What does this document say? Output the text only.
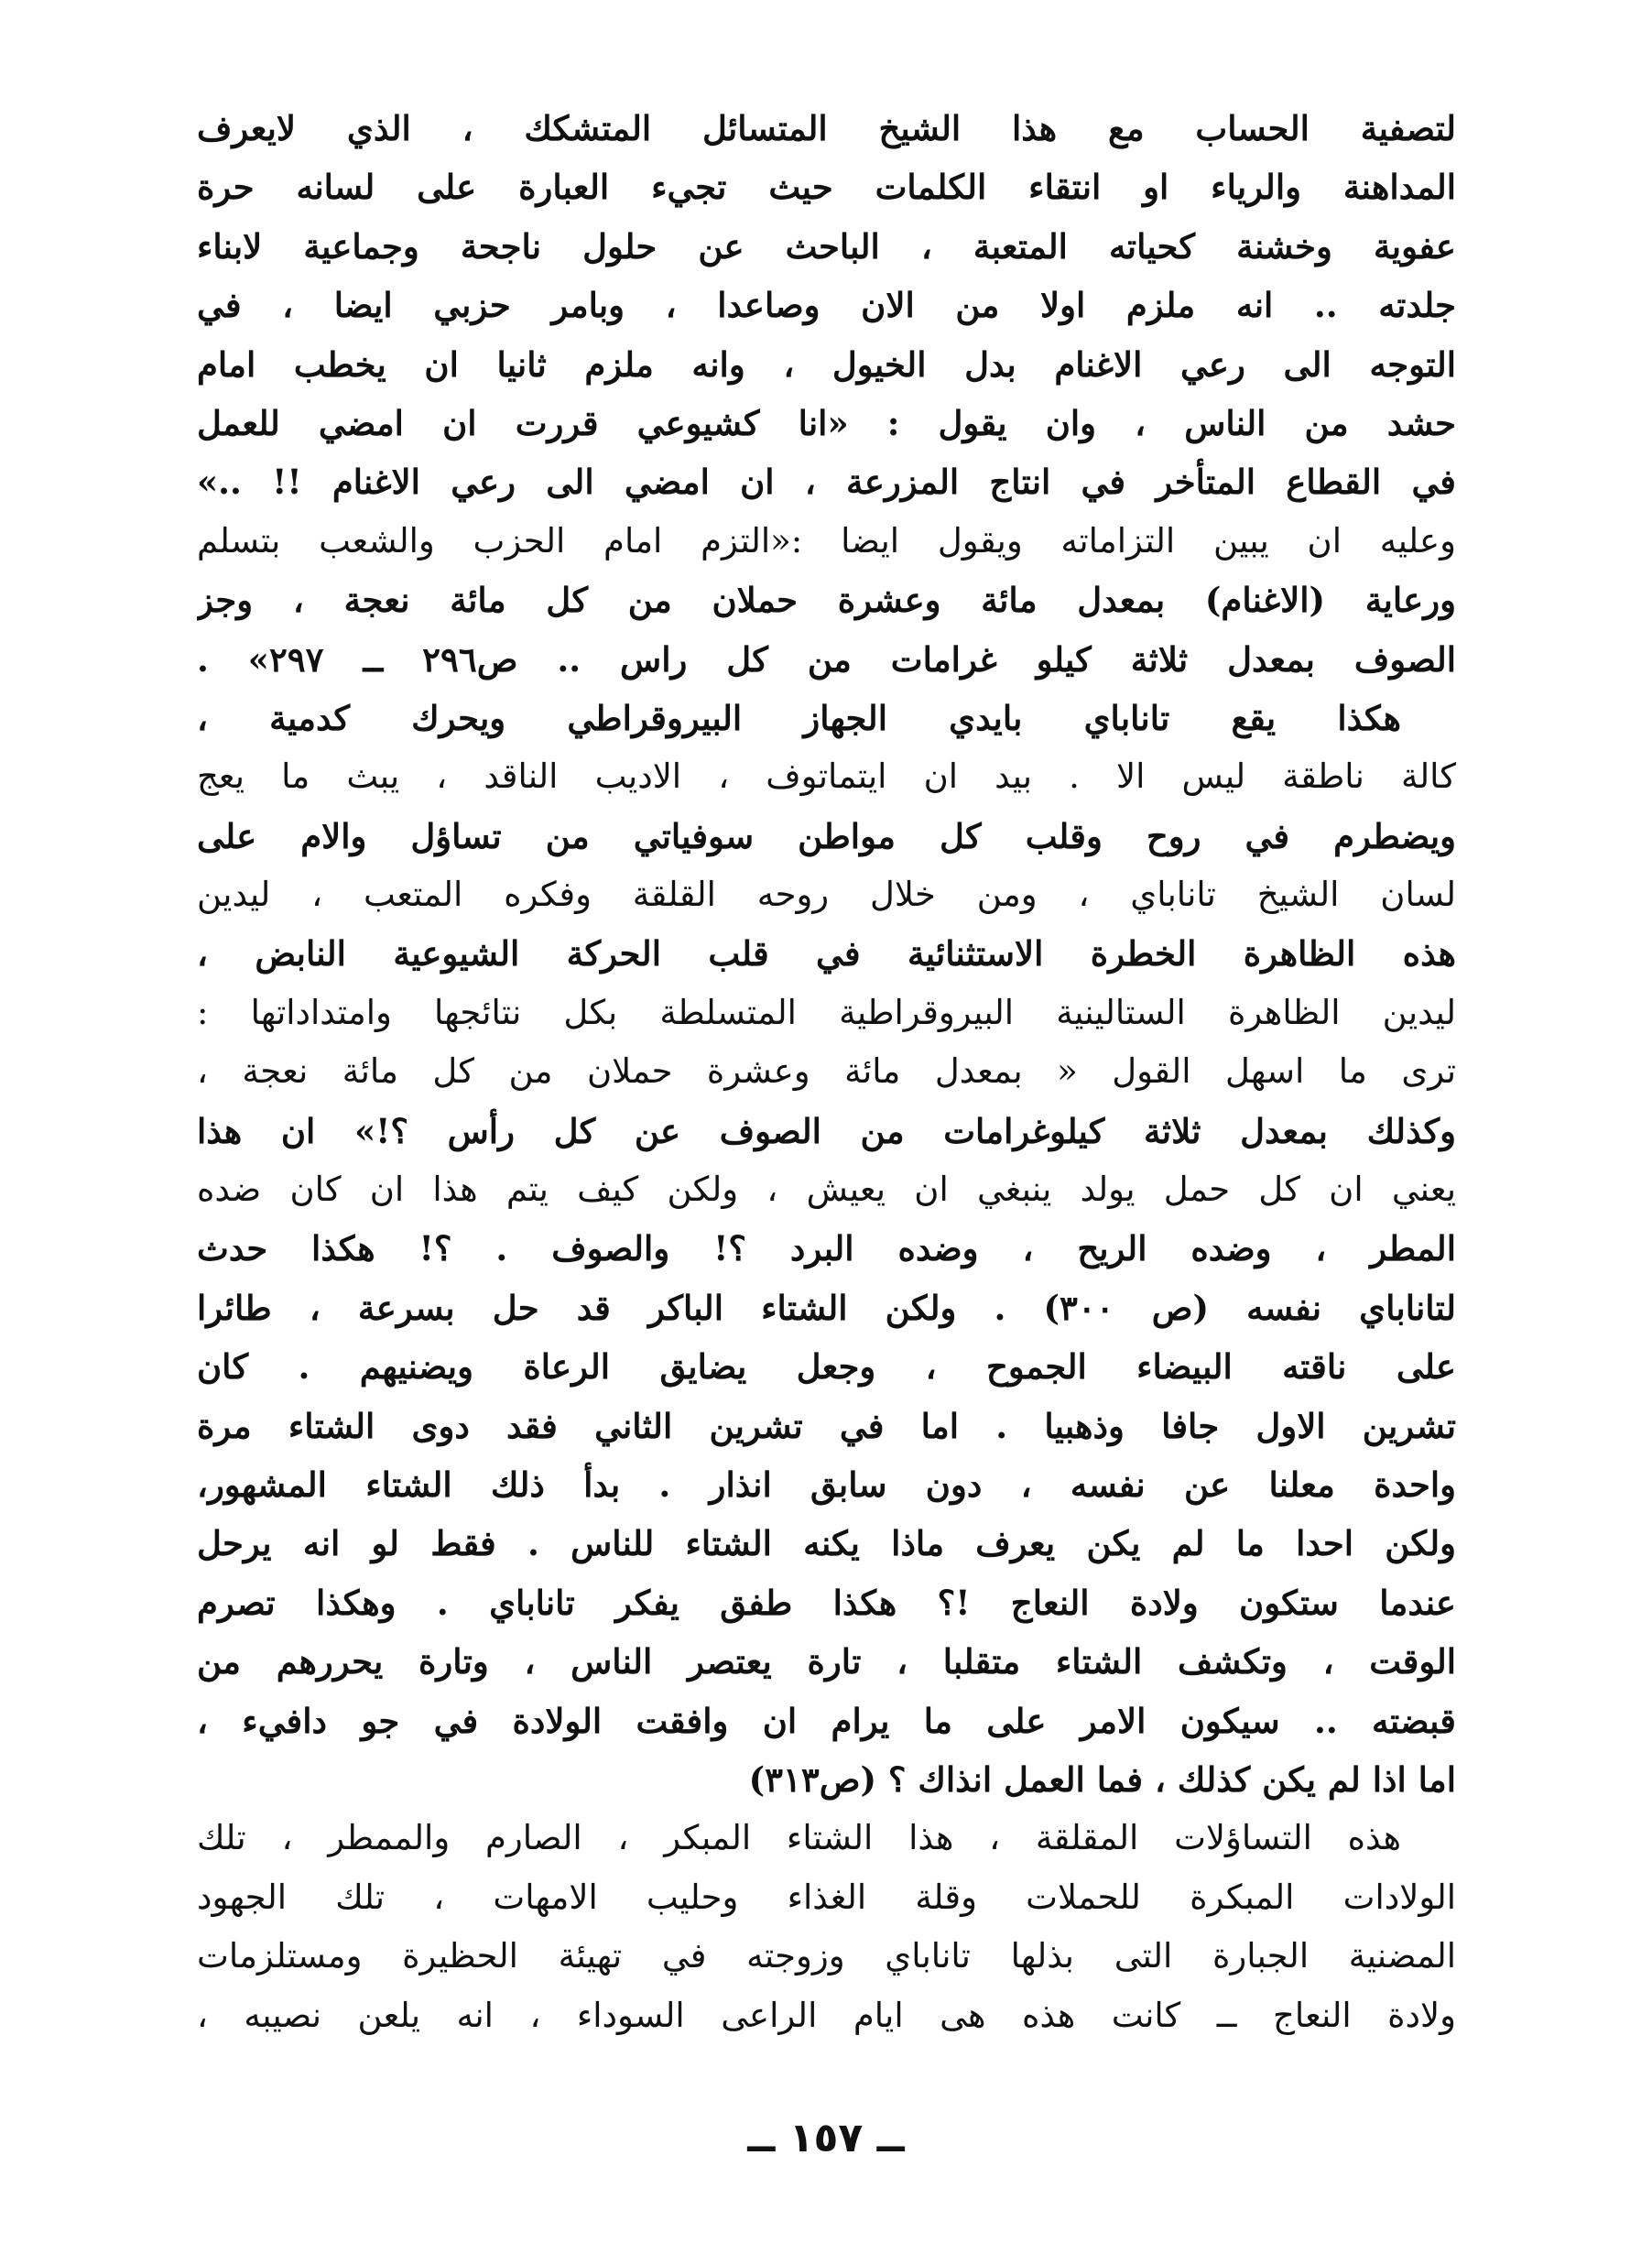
لتصفية الحساب مع هذا الشيخ المتسائل المتشكك ، الذي لايعرف
المداهنة والرياء او انتقاء الكلمات حيث تجيء العبارة على لسانه حرة
عفوية وخشنة كحياته المتعبة ، الباحث عن حلول ناجحة وجماعية لابناء
جلدته .. انه ملزم اولا من الان وصاعدا ، وبامر حزبي ايضا ، في
التوجه الى رعي الاغنام بدل الخيول ، وانه ملزم ثانيا ان يخطب امام
حشد من الناس ، وان يقول : «انا كشيوعي قررت ان امضي للعمل
في القطاع المتأخر في انتاج المزرعة ، ان امضي الى رعي الاغنام !! ..»
وعليه ان يبين التزاماته ويقول ايضا :«التزم امام الحزب والشعب بتسلم
ورعاية (الاغنام) بمعدل مائة وعشرة حملان من كل مائة نعجة ، وجز
الصوف بمعدل ثلاثة كيلو غرامات من كل راس .. ص٢٩٦ ــ ٢٩٧» .
هكذا يقع تاناباي بايدي الجهاز البيروقراطي ويحرك كدمية ،
كالة ناطقة ليس الا . بيد ان ايتماتوف ، الاديب الناقد ، يبث ما يعج
ويضطرم في روح وقلب كل مواطن سوفياتي من تساؤل والام على
لسان الشيخ تاناباي ، ومن خلال روحه القلقة وفكره المتعب ، ليدين
هذه الظاهرة الخطرة الاستثنائية في قلب الحركة الشيوعية النابض ،
ليدين الظاهرة الستالينية البيروقراطية المتسلطة بكل نتائجها وامتداداتها :
ترى ما اسهل القول « بمعدل مائة وعشرة حملان من كل مائة نعجة ،
وكذلك بمعدل ثلاثة كيلوغرامات من الصوف عن كل رأس ؟!» ان هذا
يعني ان كل حمل يولد ينبغي ان يعيش ، ولكن كيف يتم هذا ان كان ضده
المطر ، وضده الريح ، وضده البرد ؟! والصوف . ؟! هكذا حدث
لتاناباي نفسه (ص ٣٠٠) . ولكن الشتاء الباكر قد حل بسرعة ، طائرا
على ناقته البيضاء الجموح ، وجعل يضايق الرعاة ويضنيهم . كان
تشرين الاول جافا وذهبيا . اما في تشرين الثاني فقد دوى الشتاء مرة
واحدة معلنا عن نفسه ، دون سابق انذار . بدأ ذلك الشتاء المشهور،
ولكن احدا ما لم يكن يعرف ماذا يكنه الشتاء للناس . فقط لو انه يرحل
عندما ستكون ولادة النعاج !؟ هكذا طفق يفكر تاناباي . وهكذا تصرم
الوقت ، وتكشف الشتاء متقلبا ، تارة يعتصر الناس ، وتارة يحررهم من
قبضته .. سيكون الامر على ما يرام ان وافقت الولادة في جو دافيء ،
اما اذا لم يكن كذلك ، فما العمل انذاك ؟ (ص٣١٣)
هذه التساؤلات المقلقة ، هذا الشتاء المبكر ، الصارم والممطر ، تلك
الولادات المبكرة للحملات وقلة الغذاء وحليب الامهات ، تلك الجهود
المضنية الجبارة التى بذلها تاناباي وزوجته في تهيئة الحظيرة ومستلزمات
ولادة النعاج ــ كانت هذه هى ايام الراعى السوداء ، انه يلعن نصيبه ،
ــ ١٥٧ ــ
